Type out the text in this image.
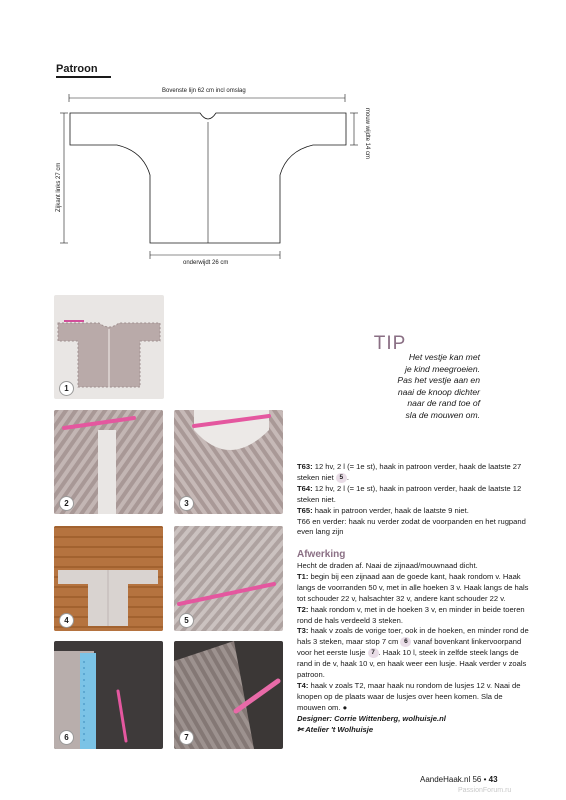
Patroon
Bovenste lijn 62 cm incl omslag
Zijkant links 27 cm
mouw wijdte 14 cm
onderwijdt 26 cm
1
2	3
4	5
6	7
TIP
Het vestje kan met
je kind meegroeien.
Pas het vestje aan en
naai de knoop dichter
naar de rand toe of
sla de mouwen om.
T63: 12 hv, 2 l (= 1e st), haak in patroon verder, haak de laatste 27 steken niet 5 .
T64: 12 hv, 2 l (= 1e st), haak in patroon verder, haak de laatste 12 steken niet.
T65: haak in patroon verder, haak de laatste 9 niet.
T66 en verder: haak nu verder zodat de voorpanden en het rugpand even lang zijn
Afwerking
Hecht de draden af. Naai de zijnaad/mouwnaad dicht.
T1: begin bij een zijnaad aan de goede kant, haak rondom v. Haak langs de voorranden 50 v, met in alle hoeken 3 v. Haak langs de hals tot schouder 22 v, halsachter 32 v, andere kant schouder 22 v.
T2: haak rondom v, met in de hoeken 3 v, en minder in beide toeren rond de hals verdeeld 3 steken.
T3: haak v zoals de vorige toer, ook in de hoeken, en minder rond de hals 3 steken, maar stop 7 cm 6 vanaf bovenkant linkervoorpand voor het eerste lusje 7 . Haak 10 l, steek in zelfde steek langs de rand in de v, haak 10 v, en haak weer een lusje. Haak verder v zoals patroon.
T4: haak v zoals T2, maar haak nu rondom de lusjes 12 v. Naai de knopen op de plaats waar de lusjes over heen komen. Sla de mouwen om. ●
Designer: Corrie Wittenberg, wolhuisje.nl
✄ Atelier 't Wolhuisje
AandeHaak.nl 56 • 43
PassionForum.ru
